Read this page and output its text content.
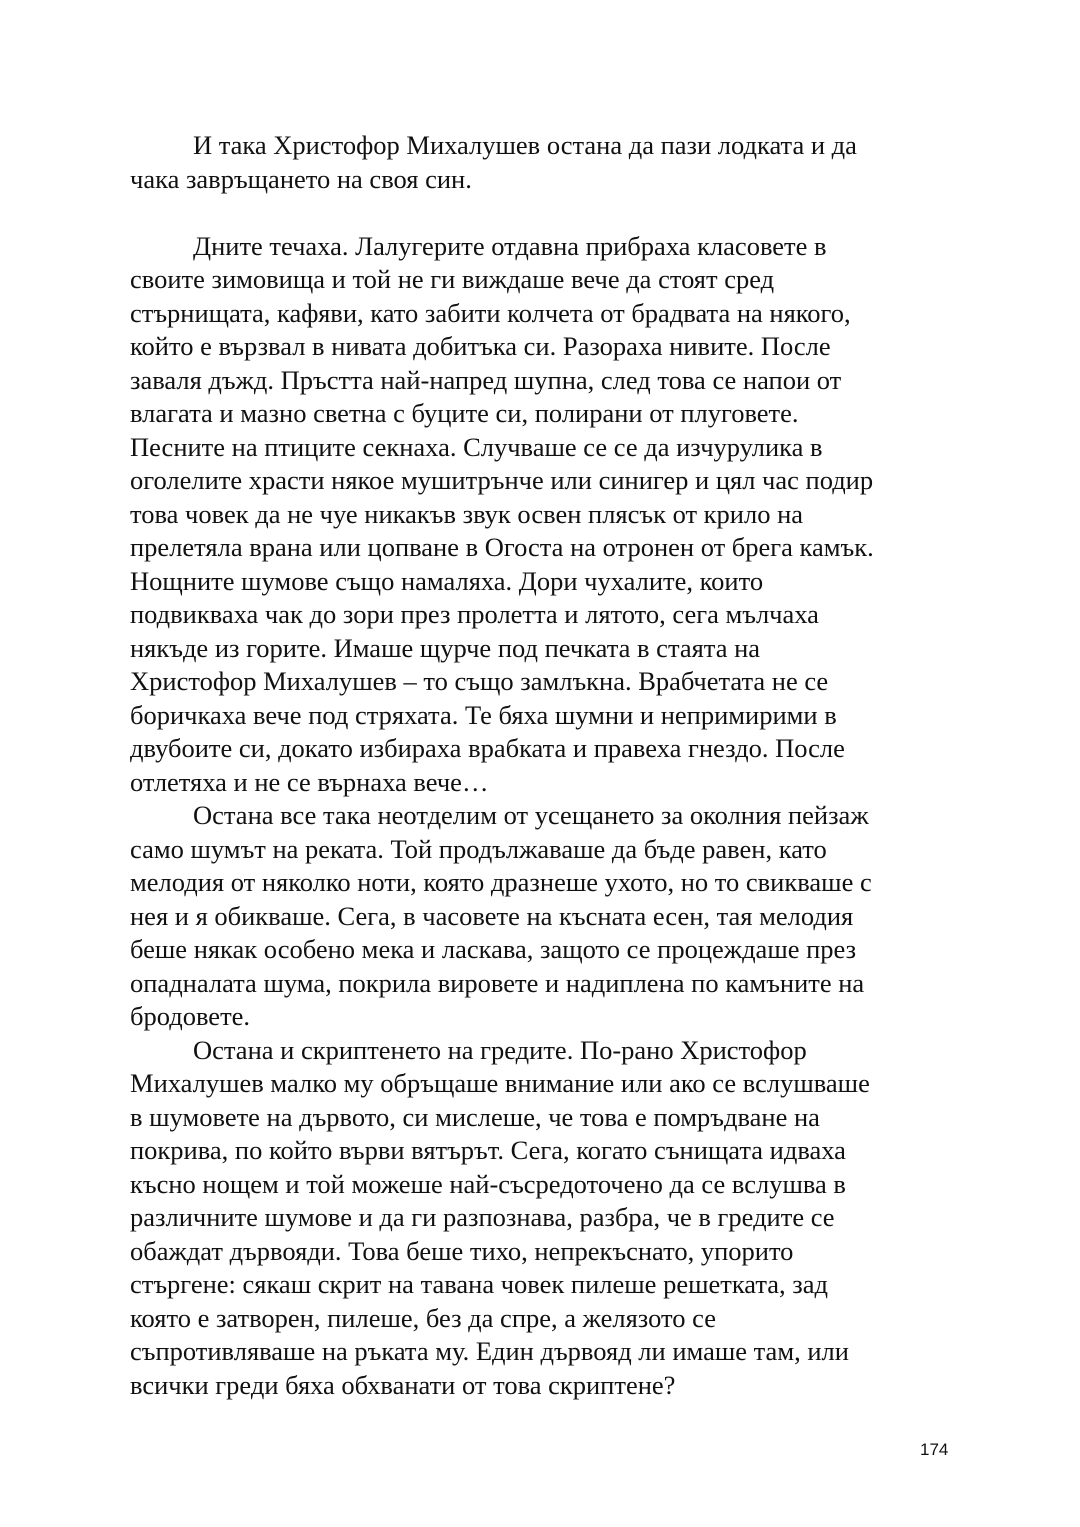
И така Христофор Михалушев остана да пази лодката и да
чака завръщането на своя син.
Дните течаха. Лалугерите отдавна прибраха класовете в
своите зимовища и той не ги виждаше вече да стоят сред
стърнищата, кафяви, като забити колчета от брадвата на някого,
който е вързвал в нивата добитъка си. Разораха нивите. После
заваля дъжд. Пръстта най-напред шупна, след това се напои от
влагата и мазно светна с буците си, полирани от плуговете.
Песните на птиците секнаха. Случваше се се да изчурулика в
оголелите храсти някое мушитрънче или синигер и цял час подир
това човек да не чуе никакъв звук освен плясък от крило на
прелетяла врана или цопване в Огоста на отронен от брега камък.
Нощните шумове също намаляха. Дори чухалите, които
подвикваха чак до зори през пролетта и лятото, сега мълчаха
някъде из горите. Имаше щурче под печката в стаята на
Христофор Михалушев – то също замлъкна. Врабчетата не се
боричкаха вече под стряхата. Те бяха шумни и непримирими в
двубоите си, докато избираха врабката и правеха гнездо. После
отлетяха и не се върнаха вече…
Остана все така неотделим от усещането за околния пейзаж
само шумът на реката. Той продължаваше да бъде равен, като
мелодия от няколко ноти, която дразнеше ухото, но то свикваше с
нея и я обикваше. Сега, в часовете на късната есен, тая мелодия
беше някак особено мека и ласкава, защото се процеждаше през
опадналата шума, покрила вировете и надиплена по камъните на
бродовете.
Остана и скриптенето на гредите. По-рано Христофор
Михалушев малко му обръщаше внимание или ако се вслушваше
в шумовете на дървото, си мислеше, че това е помръдване на
покрива, по който върви вятърът. Сега, когато сънищата идваха
късно нощем и той можеше най-съсредоточено да се вслушва в
различните шумове и да ги разпознава, разбра, че в гредите се
обаждат дървояди. Това беше тихо, непрекъснато, упорито
стъргене: сякаш скрит на тавана човек пилеше решетката, зад
която е затворен, пилеше, без да спре, а желязото се
съпротивляваше на ръката му. Един дървояд ли имаше там, или
всички греди бяха обхванати от това скриптене?
174
